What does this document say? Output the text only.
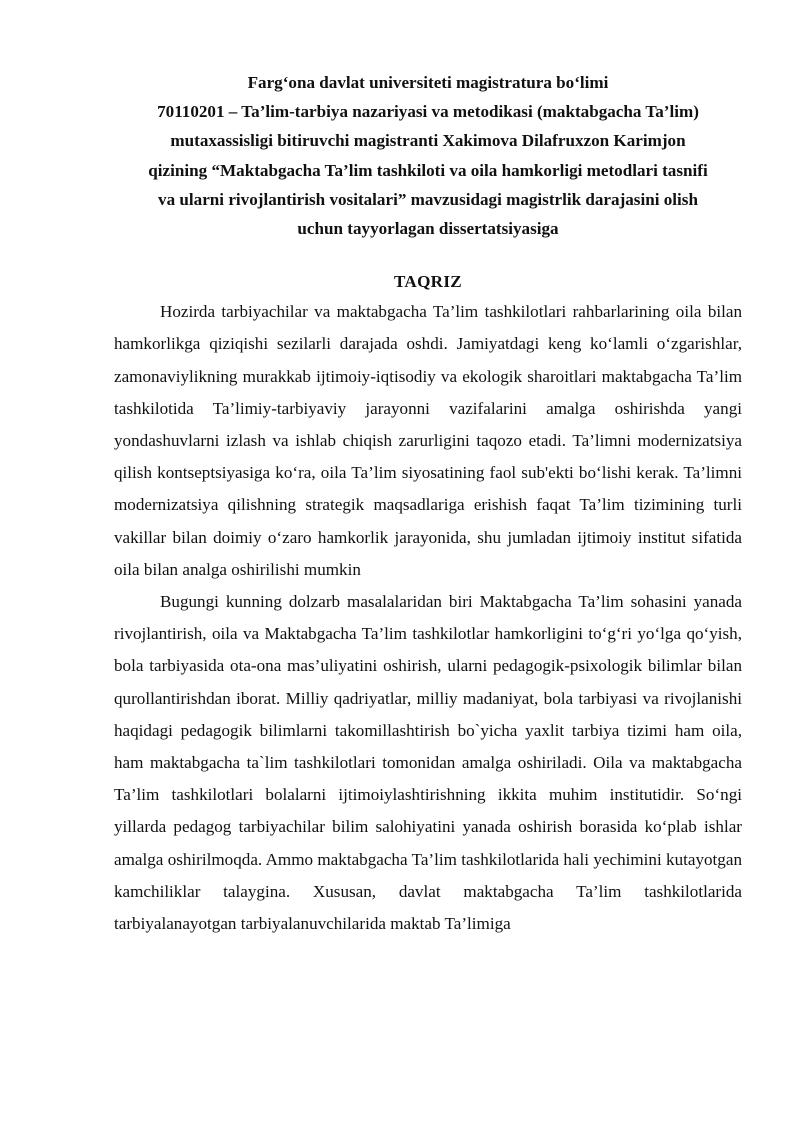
Farg‘ona davlat universiteti magistratura bo‘limi
70110201 – Ta’lim-tarbiya nazariyasi va metodikasi (maktabgacha Ta’lim)
mutaxassisligi bitiruvchi magistranti Xakimova Dilafruxzon Karimjon
qizining “Maktabgacha Ta’lim tashkiloti va oila hamkorligi metodlari tasnifi
va ularni rivojlantirish vositalari” mavzusidagi magistrlik darajasini olish
uchun tayyorlagan dissertatsiyasiga
TAQRIZ

Hozirda tarbiyachilar va maktabgacha Ta’lim tashkilotlari rahbarlarining oila bilan hamkorlikga qiziqishi sezilarli darajada oshdi. Jamiyatdagi keng ko‘lamli o‘zgarishlar, zamonaviylikning murakkab ijtimoiy-iqtisodiy va ekologik sharoitlari maktabgacha Ta’lim tashkilotida Ta’limiy-tarbiyaviy jarayonni vazifalarini amalga oshirishda yangi yondashuvlarni izlash va ishlab chiqish zarurligini taqozo etadi. Ta’limni modernizatsiya qilish kontseptsiyasiga ko‘ra, oila Ta’lim siyosatining faol sub'ekti bo‘lishi kerak. Ta’limni modernizatsiya qilishning strategik maqsadlariga erishish faqat Ta’lim tizimining turli vakillar bilan doimiy o‘zaro hamkorlik jarayonida, shu jumladan ijtimoiy institut sifatida oila bilan analga oshirilishi mumkin

Bugungi kunning dolzarb masalalaridan biri Maktabgacha Ta’lim sohasini yanada rivojlantirish, oila va Maktabgacha Ta’lim tashkilotlar hamkorligini to‘g‘ri yo‘lga qo‘yish, bola tarbiyasida ota-ona mas’uliyatini oshirish, ularni pedagogik-psixologik bilimlar bilan qurollantirishdan iborat. Milliy qadriyatlar, milliy madaniyat, bola tarbiyasi va rivojlanishi haqidagi pedagogik bilimlarni takomillashtirish bo`yicha yaxlit tarbiya tizimi ham oila, ham maktabgacha ta`lim tashkilotlari tomonidan amalga oshiriladi. Oila va maktabgacha Ta’lim tashkilotlari bolalarni ijtimoiylashtirishning ikkita muhim institutidir. So‘ngi yillarda pedagog tarbiyachilar bilim salohiyatini yanada oshirish borasida ko‘plab ishlar amalga oshirilmoqda. Ammo maktabgacha Ta’lim tashkilotlarida hali yechimini kutayotgan kamchiliklar talaygina. Xususan, davlat maktabgacha Ta’lim tashkilotlarida tarbiyalanayotgan tarbiyalanuvchilarida maktab Ta’limiga
